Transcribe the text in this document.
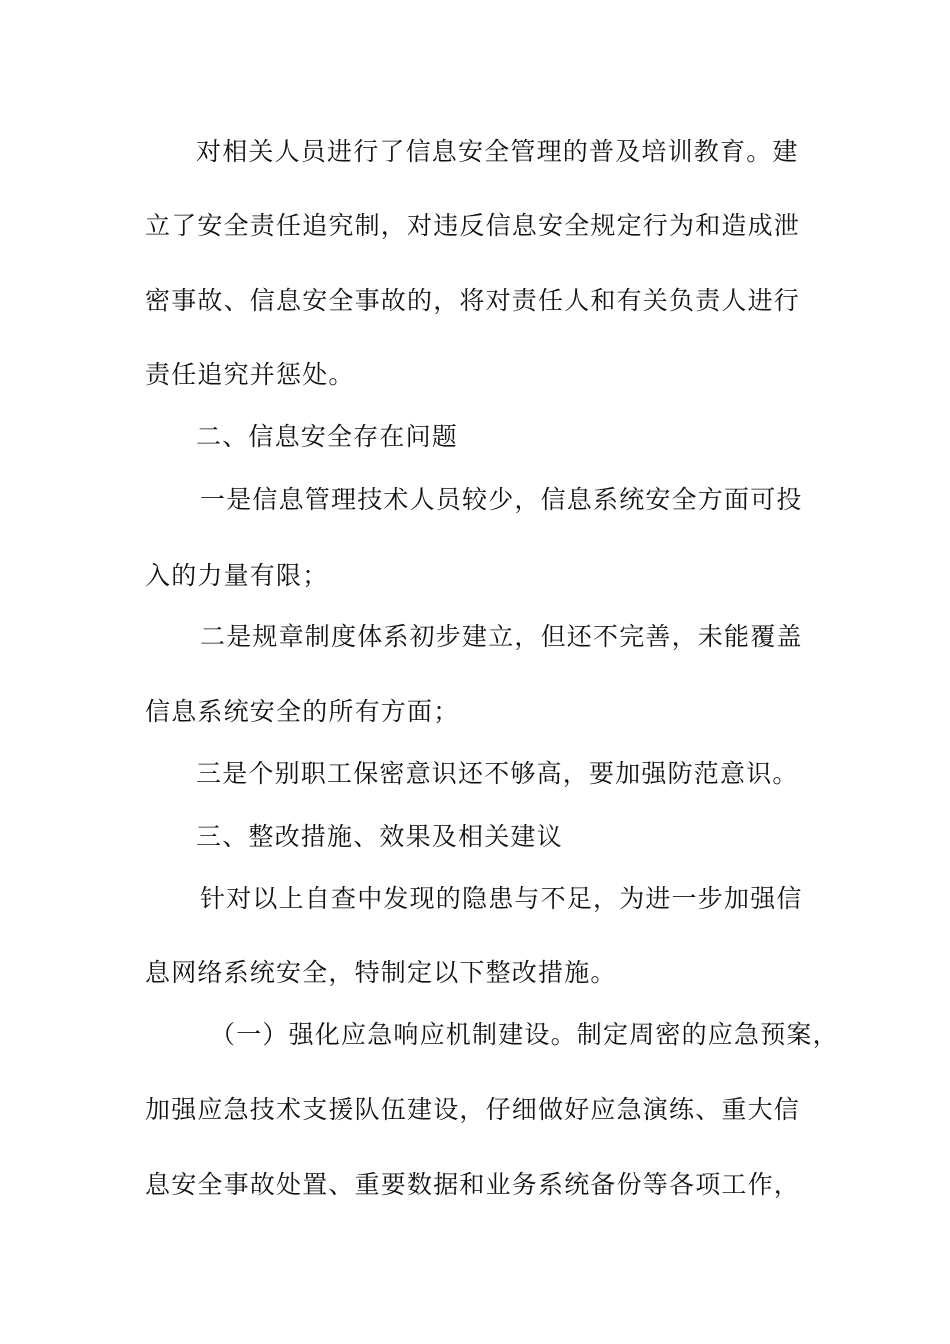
对相关人员进行了信息安全管理的普及培训教育。建
立了安全责任追究制，对违反信息安全规定行为和造成泄
密事故、信息安全事故的，将对责任人和有关负责人进行
责任追究并惩处。
二、信息安全存在问题
一是信息管理技术人员较少，信息系统安全方面可投
入的力量有限；
二是规章制度体系初步建立，但还不完善，未能覆盖
信息系统安全的所有方面；
三是个别职工保密意识还不够高，要加强防范意识。
三、整改措施、效果及相关建议
针对以上自查中发现的隐患与不足，为进一步加强信
息网络系统安全，特制定以下整改措施。
（一）强化应急响应机制建设。制定周密的应急预案，
加强应急技术支援队伍建设，仔细做好应急演练、重大信
息安全事故处置、重要数据和业务系统备份等各项工作，
